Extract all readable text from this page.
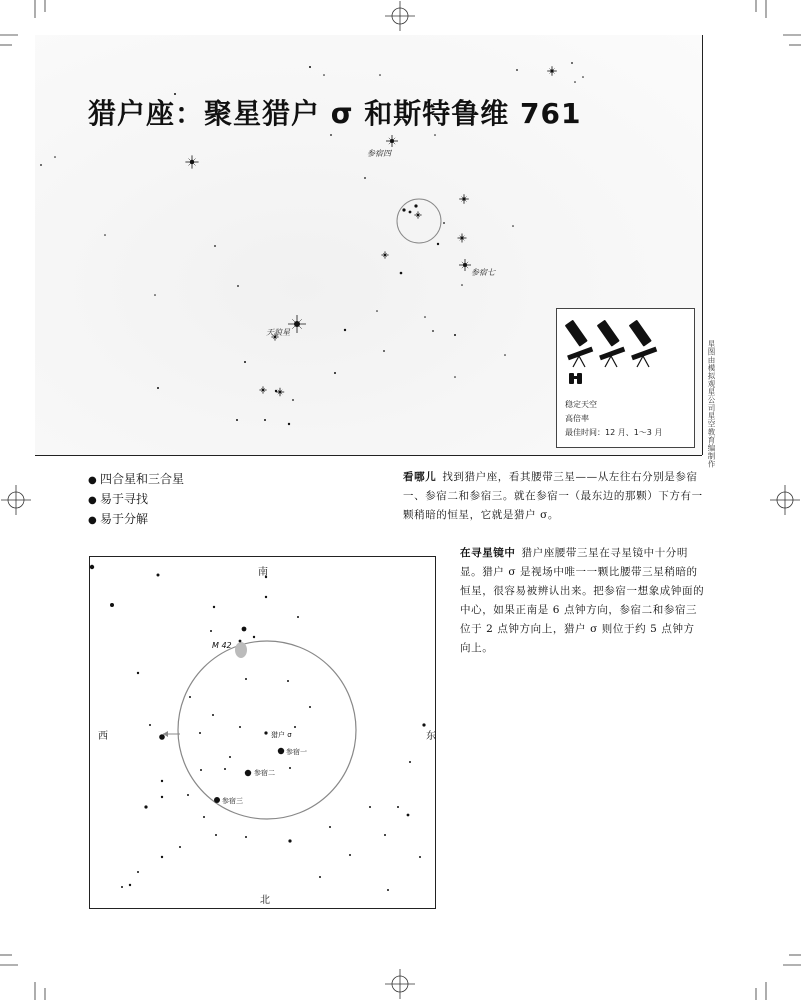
猎户座：聚星猎户 σ 和斯特鲁维 761
参宿四
参宿七
天狼星
稳定天空
高倍率
最佳时间：12 月、1～3 月	星图由模拟观星公司星空教育编制作
● 四合星和三合星
● 易于寻找
● 易于分解
看哪儿 找到猎户座，看其腰带三星——从左往右分别是参宿一、参宿二和参宿三。就在参宿一（最东边的那颗）下方有一颗稍暗的恒星，它就是猎户 σ。
在寻星镜中 猎户座腰带三星在寻星镜中十分明显。猎户 σ 是视场中唯一一颗比腰带三星稍暗的恒星，很容易被辨认出来。把参宿一想象成钟面的中心，如果正南是 6 点钟方向，参宿二和参宿三位于 2 点钟方向上，猎户 σ 则位于约 5 点钟方向上。
南
北
西	东
M 42
猎户 σ
参宿一
参宿二
参宿三
